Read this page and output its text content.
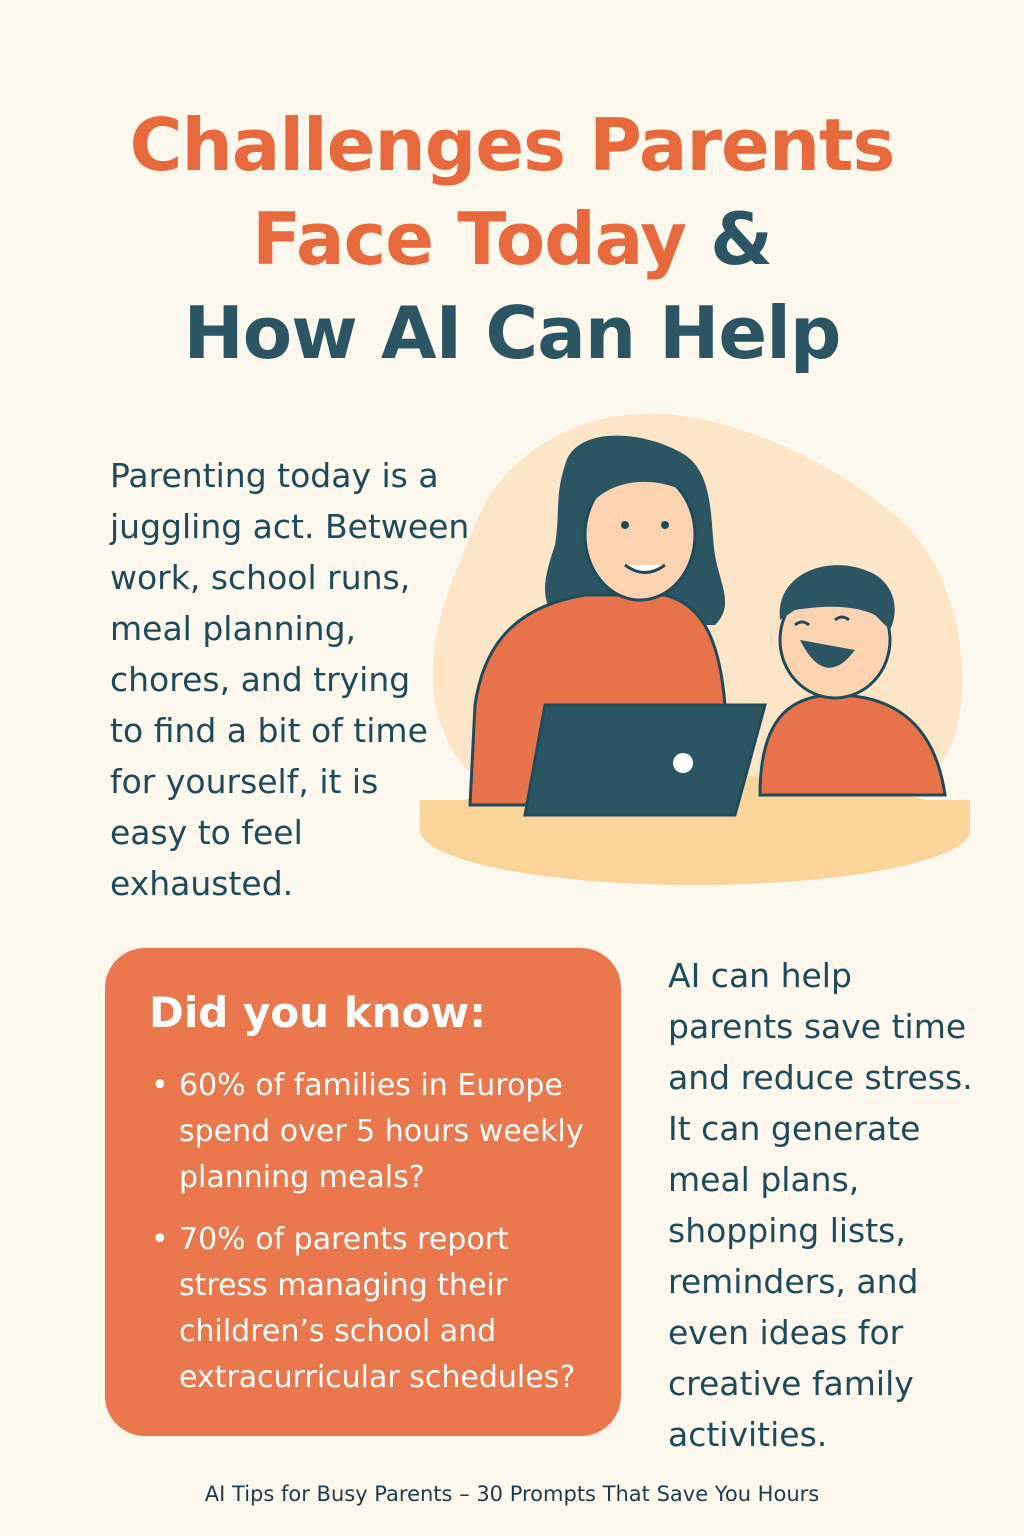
Challenges Parents
Face Today &
How AI Can Help
Parenting today is a
juggling act. Between
work, school runs,
meal planning,
chores, and trying
to find a bit of time
for yourself, it is
easy to feel
exhausted.
Did you know:
• 60% of families in Europe
spend over 5 hours weekly
planning meals?
• 70% of parents report
stress managing their
children’s school and
extracurricular schedules?
AI can help
parents save time
and reduce stress.
It can generate
meal plans,
shopping lists,
reminders, and
even ideas for
creative family
activities.
AI Tips for Busy Parents – 30 Prompts That Save You Hours
